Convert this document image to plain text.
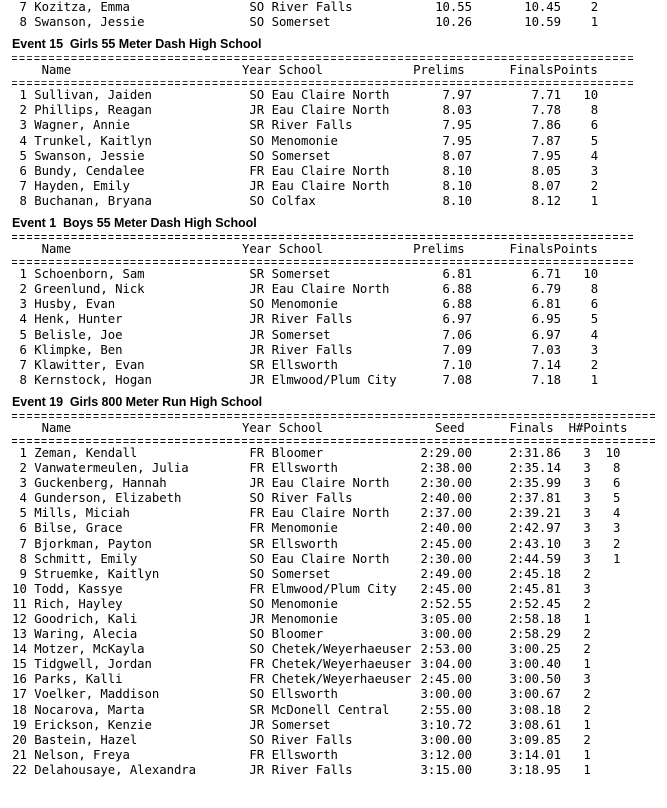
7 Kozitza, Emma	SO River Falls	10.55	10.45 2
8 Swanson, Jessie	SO Somerset	10.26	10.59 1
Event 15  Girls 55 Meter Dash High School
Name	Year School	Prelims	FinalsPoints
1 Sullivan, Jaiden	SO Eau Claire North	7.97	7.71 10
2 Phillips, Reagan	JR Eau Claire North	8.03	7.78 8
3 Wagner, Annie	SR River Falls	7.95	7.86 6
4 Trunkel, Kaitlyn	SO Menomonie	7.95	7.87 5
5 Swanson, Jessie	SO Somerset	8.07	7.95 4
6 Bundy, Cendalee	FR Eau Claire North	8.10	8.05 3
7 Hayden, Emily	JR Eau Claire North	8.10	8.07 2
8 Buchanan, Bryana	SO Colfax	8.10	8.12 1
Event 1  Boys 55 Meter Dash High School
Name	Year School	Prelims	FinalsPoints
1 Schoenborn, Sam	SR Somerset	6.81	6.71 10
2 Greenlund, Nick	JR Eau Claire North	6.88	6.79 8
3 Husby, Evan	SO Menomonie	6.88	6.81 6
4 Henk, Hunter	JR River Falls	6.97	6.95 5
5 Belisle, Joe	JR Somerset	7.06	6.97 4
6 Klimpke, Ben	JR River Falls	7.09	7.03 3
7 Klawitter, Evan	SR Ellsworth	7.10	7.14 2
8 Kernstock, Hogan	JR Elmwood/Plum City	7.08	7.18 1
Event 19  Girls 800 Meter Run High School
Name	Year School	Seed	Finals H#Points
1 Zeman, Kendall	FR Bloomer	2:29.00	2:31.86 3 10
2 Vanwatermeulen, Julia	FR Ellsworth	2:38.00	2:35.14 3 8
3 Guckenberg, Hannah	JR Eau Claire North	2:30.00	2:35.99 3 6
4 Gunderson, Elizabeth	SO River Falls	2:40.00	2:37.81 3 5
5 Mills, Miciah	FR Eau Claire North	2:37.00	2:39.21 3 4
6 Bilse, Grace	FR Menomonie	2:40.00	2:42.97 3 3
7 Bjorkman, Payton	SR Ellsworth	2:45.00	2:43.10 3 2
8 Schmitt, Emily	SO Eau Claire North	2:30.00	2:44.59 3 1
9 Struemke, Kaitlyn	SO Somerset	2:49.00	2:45.18 2
10 Todd, Kassye	FR Elmwood/Plum City 2:45.00	2:45.81 3
11 Rich, Hayley	SO Menomonie	2:52.55	2:52.45 2
12 Goodrich, Kali	JR Menomonie	3:05.00	2:58.18 1
13 Waring, Alecia	SO Bloomer	3:00.00	2:58.29 2
14 Motzer, McKayla	SO Chetek/Weyerhaeuser 2:53.00	3:00.25 2
15 Tidgwell, Jordan	FR Chetek/Weyerhaeuser 3:04.00	3:00.40 1
16 Parks, Kalli	FR Chetek/Weyerhaeuser 2:45.00	3:00.50 3
17 Voelker, Maddison	SO Ellsworth	3:00.00	3:00.67 2
18 Nocarova, Marta	SR McDonell Central	2:55.00	3:08.18 2
19 Erickson, Kenzie	JR Somerset	3:10.72	3:08.61 1
20 Bastein, Hazel	SO River Falls	3:00.00	3:09.85 2
21 Nelson, Freya	FR Ellsworth	3:12.00	3:14.01 1
22 Delahousaye, Alexandra	JR River Falls	3:15.00	3:18.95 1
